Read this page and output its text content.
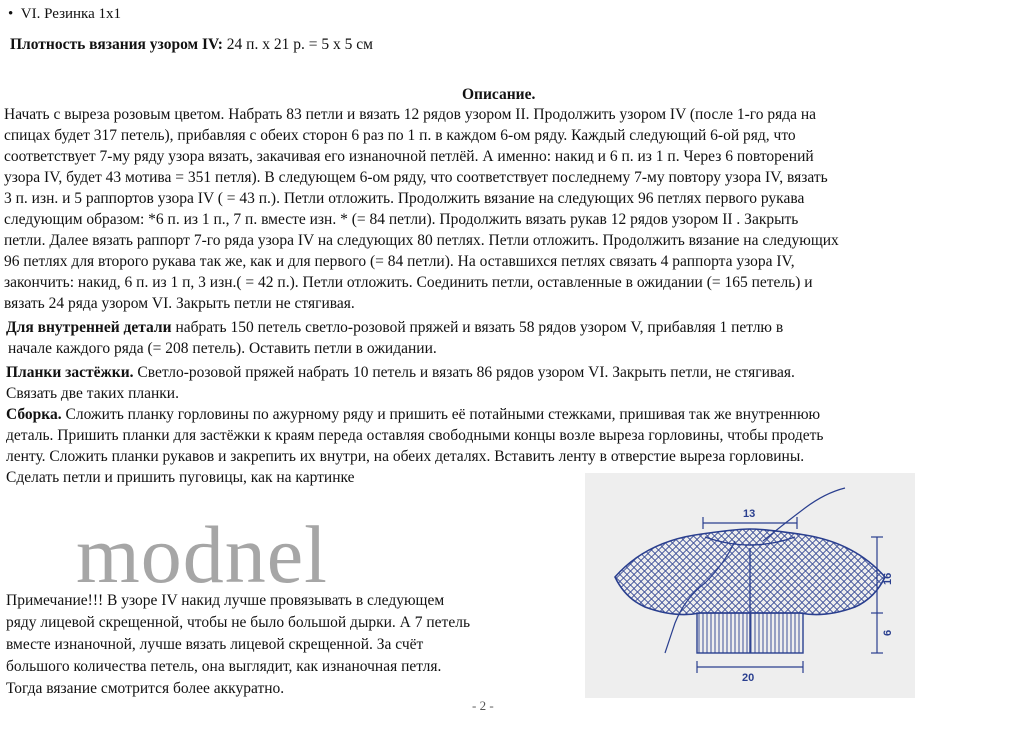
• VI. Резинка 1х1
Плотность вязания узором IV: 24 п. х 21 р. = 5 х 5 см
Описание.
Начать с выреза розовым цветом. Набрать 83 петли и вязать 12 рядов узором II. Продолжить узором IV (после 1-го ряда на
спицах будет 317 петель), прибавляя с обеих сторон 6 раз по 1 п. в каждом 6-ом ряду. Каждый следующий 6-ой ряд, что
соответствует 7-му ряду узора вязать, закачивая его изнаночной петлёй. А именно: накид и 6 п. из 1 п. Через 6 повторений
узора IV, будет 43 мотива = 351 петля). В следующем 6-ом ряду, что соответствует последнему 7-му повтору узора IV, вязать
3 п. изн. и 5 раппортов узора IV ( = 43 п.). Петли отложить. Продолжить вязание на следующих 96 петлях первого рукава
следующим образом: *6 п. из 1 п., 7 п. вместе изн. * (= 84 петли). Продолжить вязать рукав 12 рядов узором II . Закрыть
петли. Далее вязать раппорт 7-го ряда узора IV на следующих 80 петлях. Петли отложить. Продолжить вязание на следующих
96 петлях для второго рукава так же, как и для первого (= 84 петли). На оставшихся петлях связать 4 раппорта узора IV,
закончить: накид, 6 п. из 1 п, 3 изн.( = 42 п.). Петли отложить. Соединить петли, оставленные в ожидании (= 165 петель) и
вязать 24 ряда узором VI. Закрыть петли не стягивая.
Для внутренней детали набрать 150 петель светло-розовой пряжей и вязать 58 рядов узором V, прибавляя 1 петлю в
начале каждого ряда (= 208 петель). Оставить петли в ожидании.
Планки застёжки. Светло-розовой пряжей набрать 10 петель и вязать 86 рядов узором VI. Закрыть петли, не стягивая.
Связать две таких планки.
Сборка. Сложить планку горловины по ажурному ряду и пришить её потайными стежками, пришивая так же внутреннюю
деталь. Пришить планки для застёжки к краям переда оставляя свободными концы возле выреза горловины, чтобы продеть
ленту. Сложить планки рукавов и закрепить их внутри, на обеих деталях. Вставить ленту в отверстие выреза горловины.
Сделать петли и пришить пуговицы, как на картинке
modnel
Примечание!!! В узоре IV накид лучше провязывать в следующем
ряду лицевой скрещенной, чтобы не было большой дырки. А 7 петель
вместе изнаночной, лучше вязать лицевой скрещенной. За счёт
большого количества петель, она выглядит, как изнаночная петля.
Тогда вязание смотрится более аккуратно.
13
16
6
20
- 2 -
